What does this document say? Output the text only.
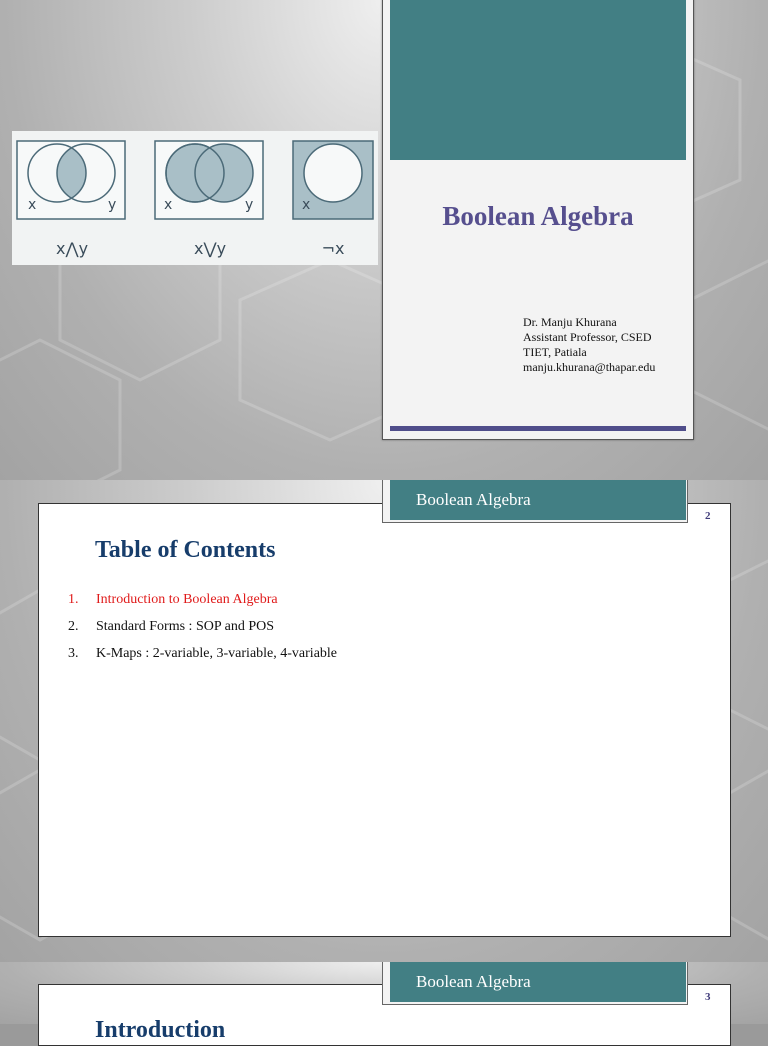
x	y	x	y	x
x⋀y	x⋁y	¬x
Boolean Algebra
Dr. Manju Khurana
Assistant Professor, CSED
TIET, Patiala
manju.khurana@thapar.edu
2
Table of Contents
1.	Introduction to Boolean Algebra
2.	Standard Forms : SOP and POS
3.	K-Maps : 2-variable, 3-variable, 4-variable
Boolean Algebra
3
Introduction
Boolean Algebra
